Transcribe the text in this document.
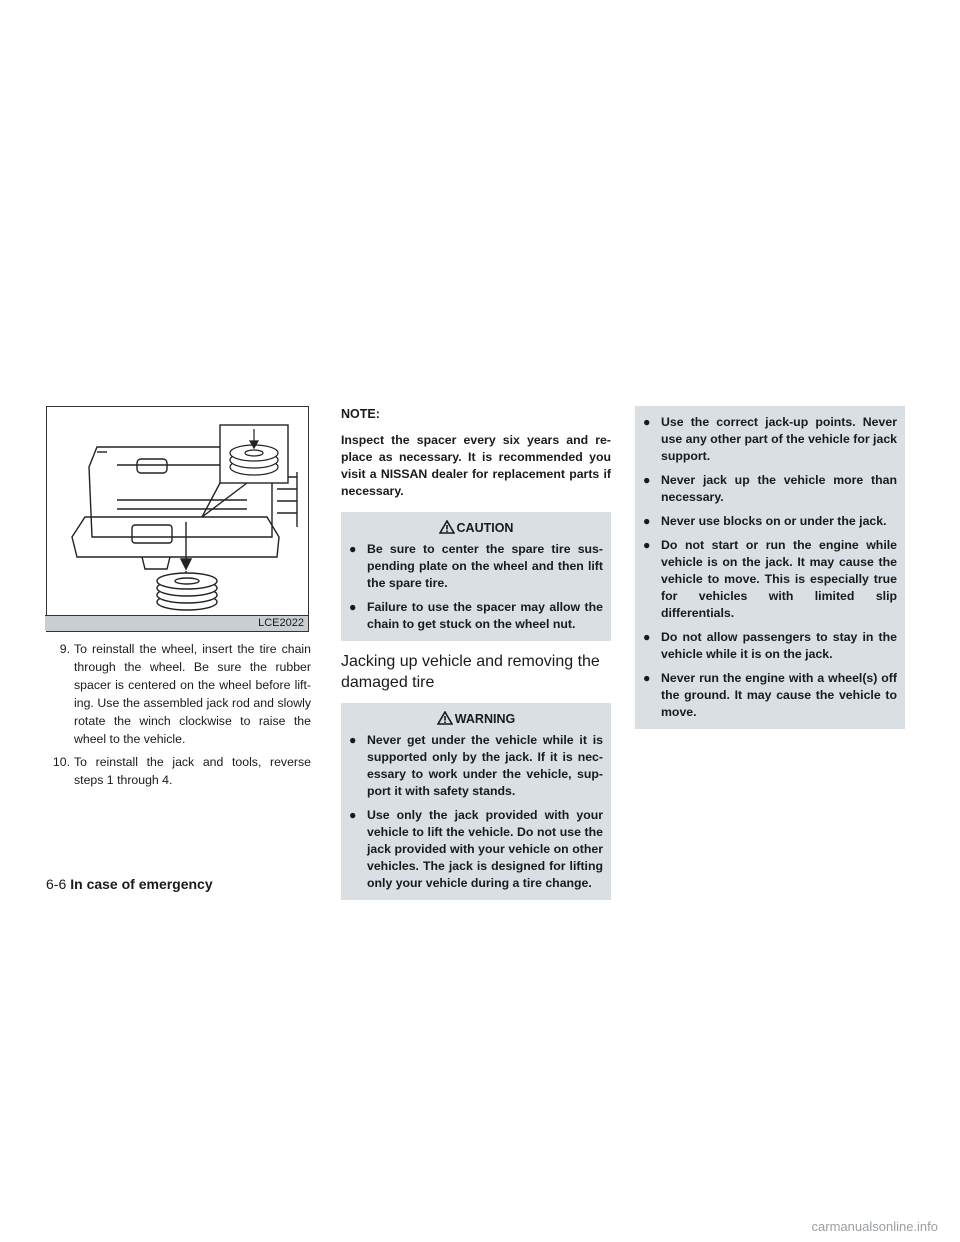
LCE2022
9. To reinstall the wheel, insert the tire chain through the wheel. Be sure the rubber spacer is centered on the wheel before lift-ing. Use the assembled jack rod and slowly rotate the winch clockwise to raise the wheel to the vehicle.
10. To reinstall the jack and tools, reverse steps 1 through 4.

NOTE:

Inspect the spacer every six years and re-place as necessary. It is recommended you visit a NISSAN dealer for replacement parts if necessary.

CAUTION
● Be sure to center the spare tire sus-pending plate on the wheel and then lift the spare tire.
● Failure to use the spacer may allow the chain to get stuck on the wheel nut.
Jacking up vehicle and removing the damaged tire
WARNING
● Never get under the vehicle while it is supported only by the jack. If it is nec-essary to work under the vehicle, sup-port it with safety stands.
● Use only the jack provided with your vehicle to lift the vehicle. Do not use the jack provided with your vehicle on other vehicles. The jack is designed for lifting only your vehicle during a tire change.
● Use the correct jack-up points. Never use any other part of the vehicle for jack support.
● Never jack up the vehicle more than necessary.
● Never use blocks on or under the jack.
● Do not start or run the engine while vehicle is on the jack. It may cause the vehicle to move. This is especially true for vehicles with limited slip differentials.
● Do not allow passengers to stay in the vehicle while it is on the jack.
● Never run the engine with a wheel(s) off the ground. It may cause the vehicle to move.
6-6 In case of emergency
carmanualsonline.info
